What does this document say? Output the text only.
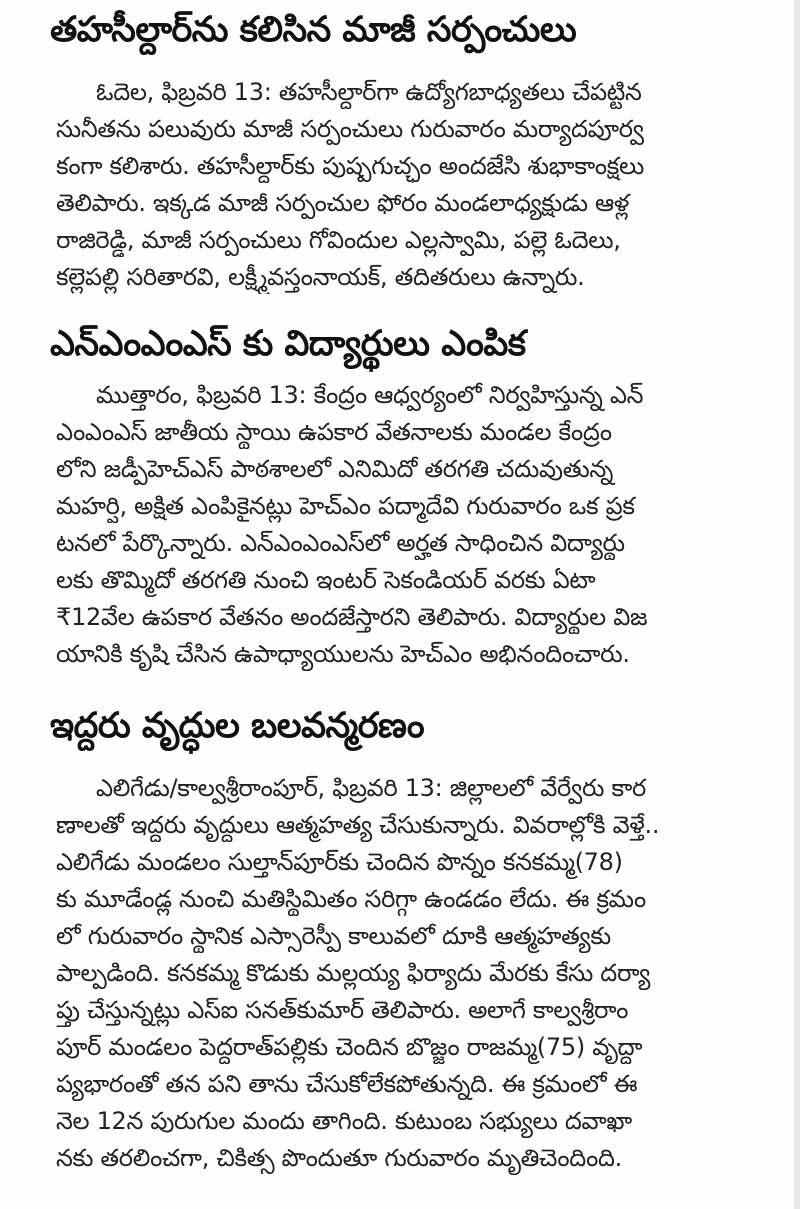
తహసీల్దార్‌ను కలిసిన మాజీ సర్పంచులు
ఓదెల, ఫిబ్రవరి 13: తహసీల్దార్‌గా ఉద్యోగబాధ్యతలు చేపట్టిన
సునీతను పలువురు మాజీ సర్పంచులు గురువారం మర్యాదపూర్వ
కంగా కలిశారు. తహసీల్దార్‌కు పుష్పగుచ్ఛం అందజేసి శుభాకాంక్షలు
తెలిపారు. ఇక్కడ మాజీ సర్పంచుల ఫోరం మండలాధ్యక్షుడు ఆళ్ల
రాజిరెడ్డి, మాజీ సర్పంచులు గోవిందుల ఎల్లస్వామి, పల్లె ఓదెలు,
కల్లెపల్లి సరితారవి, లక్ష్మీవస్తంనాయక్, తదితరులు ఉన్నారు.
ఎన్‌ఎంఎంఎస్ కు విద్యార్థులు ఎంపిక
ముత్తారం, ఫిబ్రవరి 13: కేంద్రం ఆధ్వర్యంలో నిర్వహిస్తున్న ఎన్
ఎంఎంఎస్ జాతీయ స్థాయి ఉపకార వేతనాలకు మండల కేంద్రం
లోని జడ్పీహెచ్‌ఎస్ పాఠశాలలో ఎనిమిదో తరగతి చదువుతున్న
మహర్షి, అక్షిత ఎంపికైనట్లు హెచ్‌ఎం పద్మాదేవి గురువారం ఒక ప్రక
టనలో పేర్కొన్నారు. ఎన్‌ఎంఎంఎస్‌లో అర్హత సాధించిన విద్యార్థు
లకు తొమ్మిదో తరగతి నుంచి ఇంటర్ సెకండియర్ వరకు ఏటా
₹12వేల ఉపకార వేతనం అందజేస్తారని తెలిపారు. విద్యార్థుల విజ
యానికి కృషి చేసిన ఉపాధ్యాయులను హెచ్‌ఎం అభినందించారు.
ఇద్దరు వృద్ధుల బలవన్మరణం
ఎలిగేడు/కాల్వశ్రీరాంపూర్, ఫిబ్రవరి 13: జిల్లాలలో వేర్వేరు కార
ణాలతో ఇద్దరు వృద్ధులు ఆత్మహత్య చేసుకున్నారు. వివరాల్లోకి వెళ్తే..
ఎలిగేడు మండలం సుల్తాన్‌పూర్‌కు చెందిన పొన్నం కనకమ్మ(78)
కు మూడేండ్ల నుంచి మతిస్థిమితం సరిగ్గా ఉండడం లేదు. ఈ క్రమం
లో గురువారం స్థానిక ఎస్సారెస్పీ కాలువలో దూకి ఆత్మహత్యకు
పాల్పడింది. కనకమ్మ కొడుకు మల్లయ్య ఫిర్యాదు మేరకు కేసు దర్యా
ప్తు చేస్తున్నట్లు ఎస్ఐ సనత్‌కుమార్ తెలిపారు. అలాగే కాల్వశ్రీరాం
పూర్ మండలం పెద్దరాత్‌పల్లికు చెందిన బొజ్జం రాజమ్మ(75) వృద్ధా
ప్యభారంతో తన పని తాను చేసుకోలేకపోతున్నది. ఈ క్రమంలో ఈ
నెల 12న పురుగుల మందు తాగింది. కుటుంబ సభ్యులు దవాఖా
నకు తరలించగా, చికిత్స పొందుతూ గురువారం మృతిచెందింది.
